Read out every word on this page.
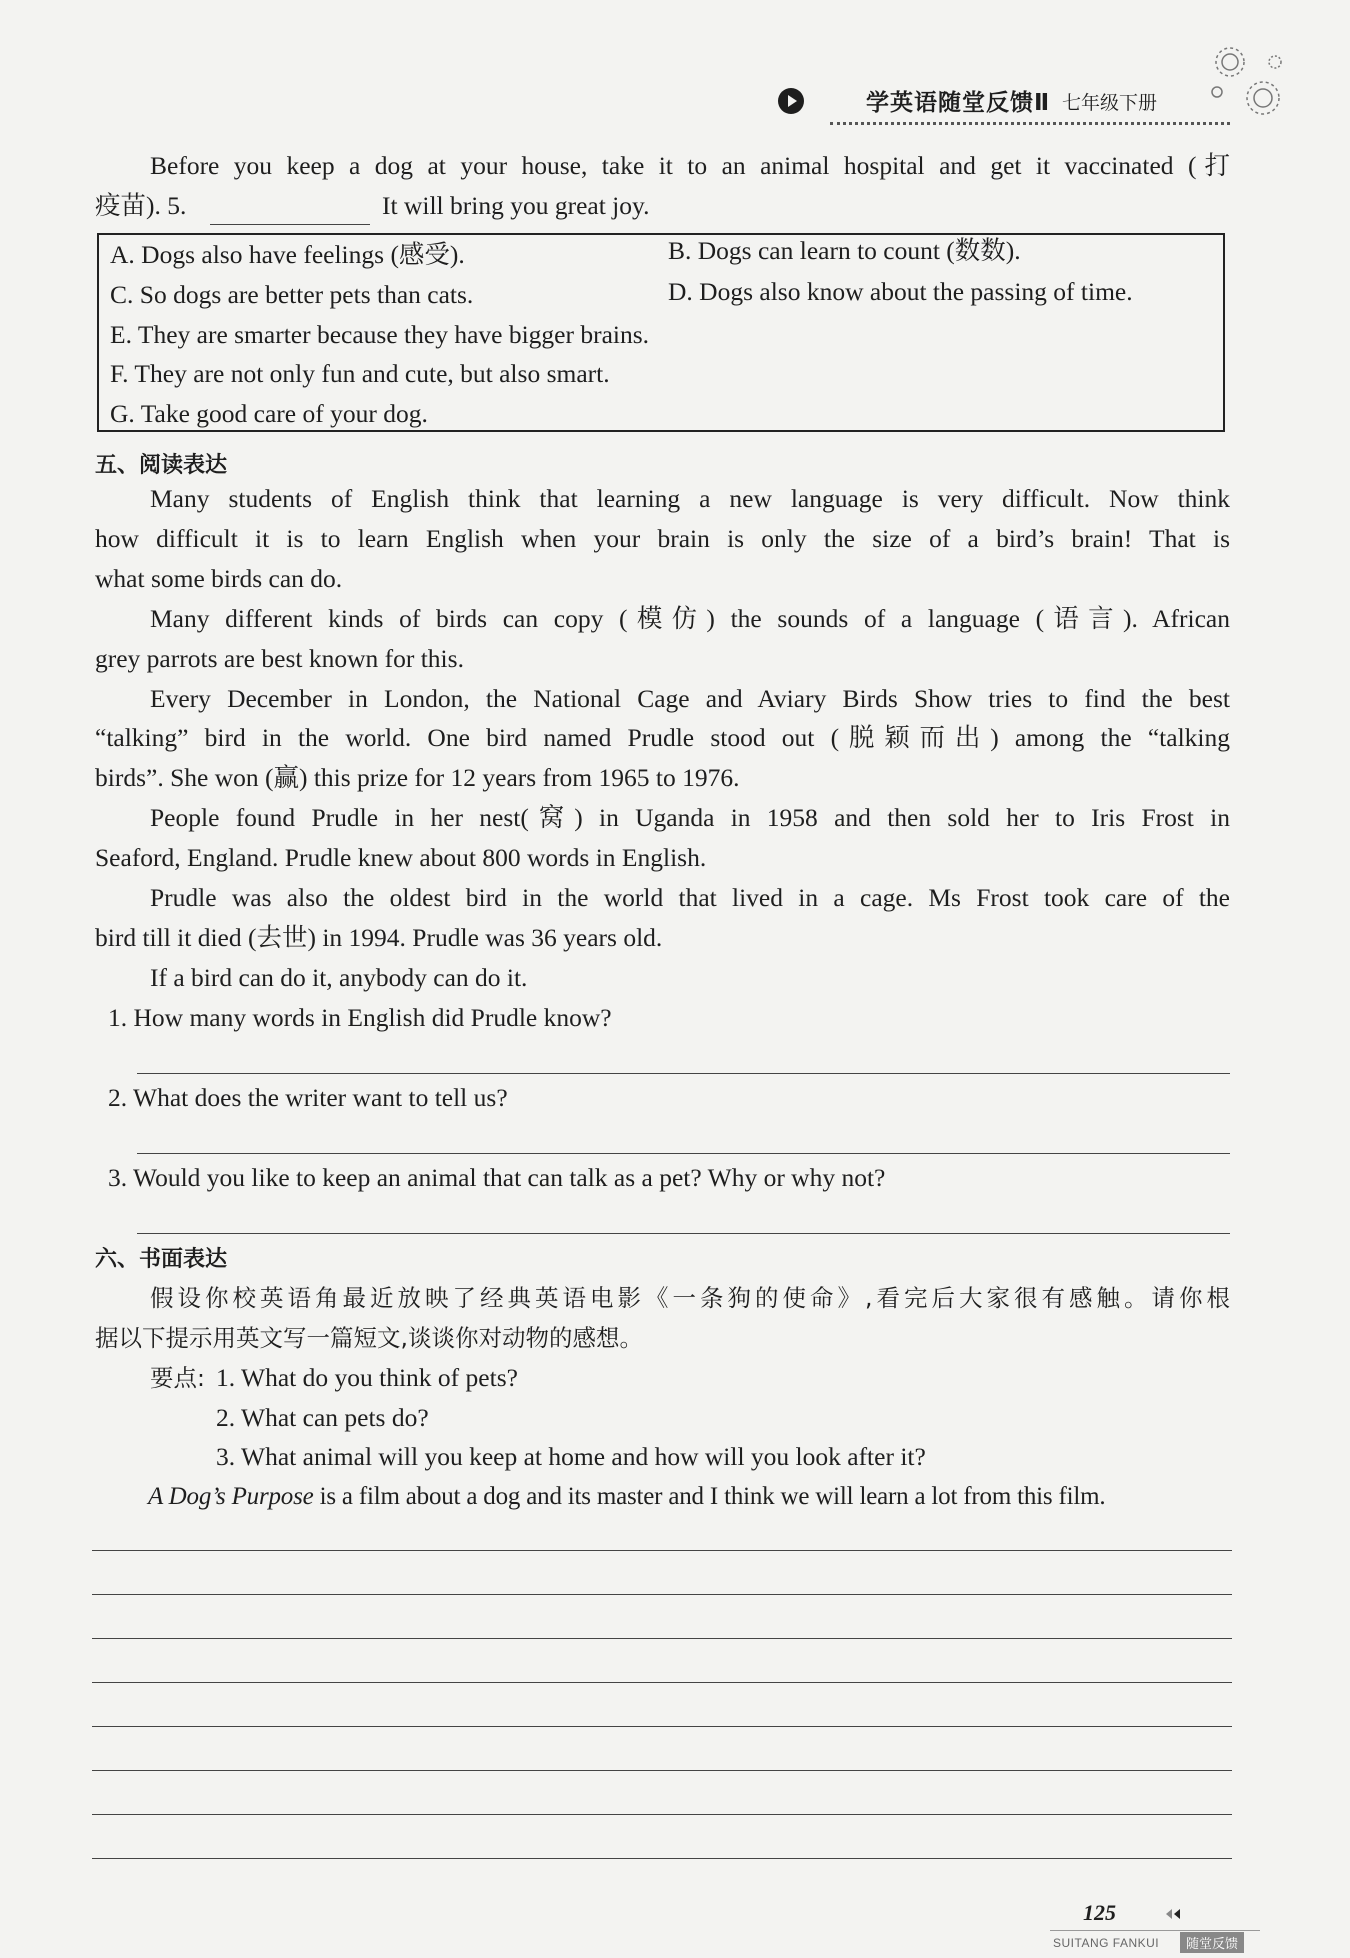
学英语随堂反馈Ⅱ 七年级下册
Before you keep a dog at your house, take it to an animal hospital and get it vaccinated (打
疫苗). 5.	It will bring you great joy.
A. Dogs also have feelings (感受).	B. Dogs can learn to count (数数).
C. So dogs are better pets than cats.	D. Dogs also know about the passing of time.
E. They are smarter because they have bigger brains.
F. They are not only fun and cute, but also smart.
G. Take good care of your dog.
五、阅读表达
Many students of English think that learning a new language is very difficult. Now think
how difficult it is to learn English when your brain is only the size of a bird’s brain! That is
what some birds can do.
Many different kinds of birds can copy (模仿) the sounds of a language (语言). African
grey parrots are best known for this.
Every December in London, the National Cage and Aviary Birds Show tries to find the best
“talking” bird in the world. One bird named Prudle stood out (脱颖而出) among the “talking
birds”. She won (赢) this prize for 12 years from 1965 to 1976.
People found Prudle in her nest(窝) in Uganda in 1958 and then sold her to Iris Frost in
Seaford, England. Prudle knew about 800 words in English.
Prudle was also the oldest bird in the world that lived in a cage. Ms Frost took care of the
bird till it died (去世) in 1994. Prudle was 36 years old.
If a bird can do it, anybody can do it.
1. How many words in English did Prudle know?
2. What does the writer want to tell us?
3. Would you like to keep an animal that can talk as a pet? Why or why not?
六、书面表达
假设你校英语角最近放映了经典英语电影《一条狗的使命》,看完后大家很有感触。请你根
据以下提示用英文写一篇短文,谈谈你对动物的感想。
要点: 1. What do you think of pets?
2. What can pets do?
3. What animal will you keep at home and how will you look after it?
A Dog’s Purpose is a film about a dog and its master and I think we will learn a lot from this film.
125
SUITANG FANKUI	随堂反馈
